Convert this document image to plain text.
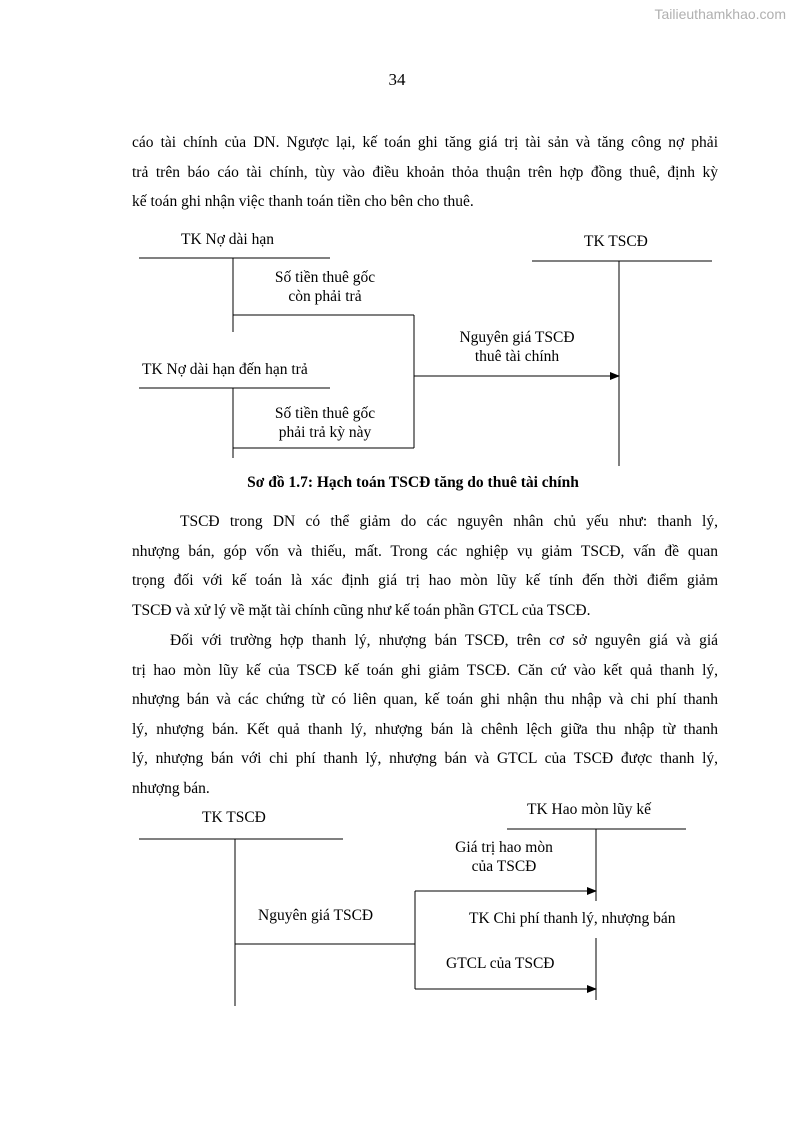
Tailieuthamkhao.com
34
cáo tài chính của DN. Ngược lại, kế toán ghi tăng giá trị tài sản và tăng công nợ phải
trả trên báo cáo tài chính, tùy vào điều khoản thỏa thuận trên hợp đồng thuê, định kỳ
kế toán ghi nhận việc thanh toán tiền cho bên cho thuê.
TK Nợ dài hạn	TK TSCĐ
Số tiền thuê gốc
còn phải trả
Nguyên giá TSCĐ
thuê tài chính
TK Nợ dài hạn đến hạn trả
Số tiền thuê gốc
phải trả kỳ này
Sơ đồ 1.7: Hạch toán TSCĐ tăng do thuê tài chính
TSCĐ trong DN có thể giảm do các nguyên nhân chủ yếu như: thanh lý,
nhượng bán, góp vốn và thiếu, mất. Trong các nghiệp vụ giảm TSCĐ, vấn đề quan
trọng đối với kế toán là xác định giá trị hao mòn lũy kế tính đến thời điểm giảm
TSCĐ và xử lý về mặt tài chính cũng như kế toán phần GTCL của TSCĐ.
Đối với trường hợp thanh lý, nhượng bán TSCĐ, trên cơ sở nguyên giá và giá
trị hao mòn lũy kế của TSCĐ kế toán ghi giảm TSCĐ. Căn cứ vào kết quả thanh lý,
nhượng bán và các chứng từ có liên quan, kế toán ghi nhận thu nhập và chi phí thanh
lý, nhượng bán. Kết quả thanh lý, nhượng bán là chênh lệch giữa thu nhập từ thanh
lý, nhượng bán với chi phí thanh lý, nhượng bán và GTCL của TSCĐ được thanh lý,
nhượng bán.
TK TSCĐ	TK Hao mòn lũy kế
Giá trị hao mòn
của TSCĐ
Nguyên giá TSCĐ	TK Chi phí thanh lý, nhượng bán
GTCL của TSCĐ
